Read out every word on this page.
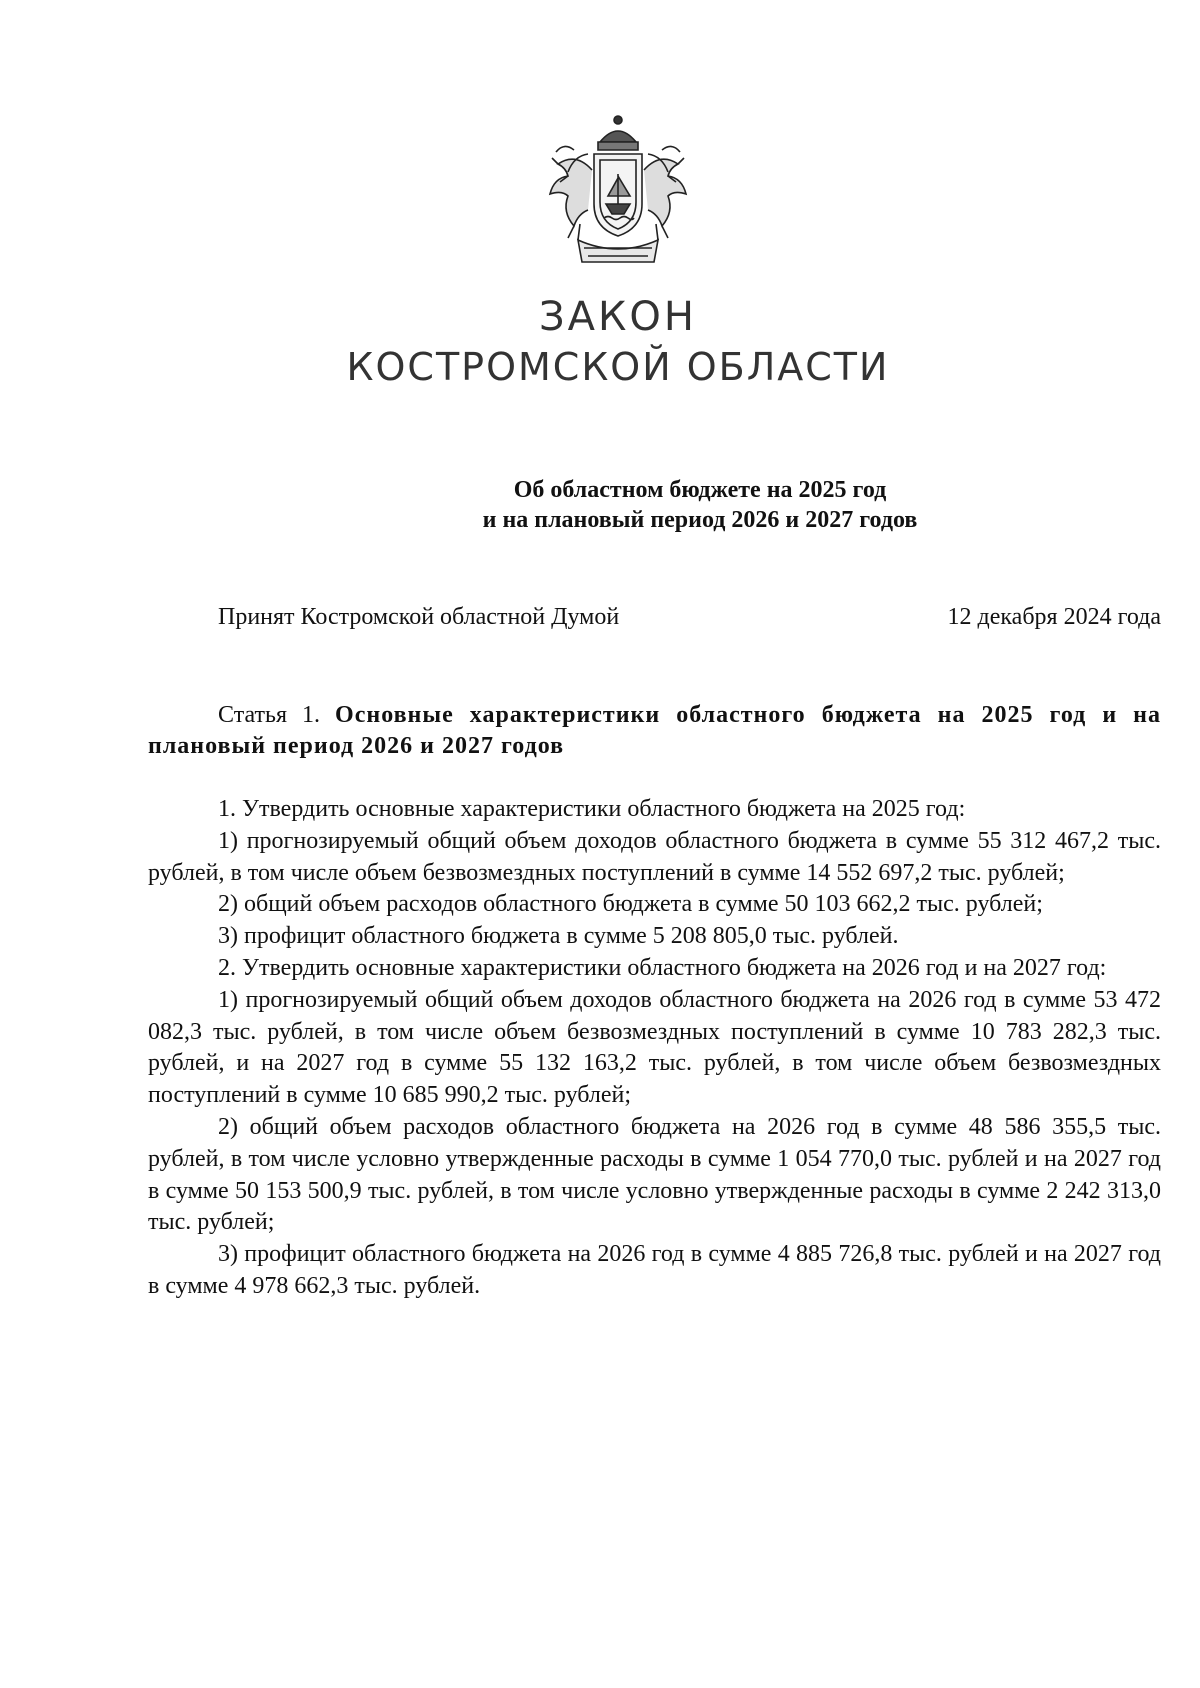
ЗАКОН
КОСТРОМСКОЙ ОБЛАСТИ
Об областном бюджете на 2025 год
и на плановый период 2026 и 2027 годов
Принят Костромской областной Думой	12 декабря 2024 года
Статья 1. Основные характеристики областного бюджета на 2025 год и на плановый период 2026 и 2027 годов

1. Утвердить основные характеристики областного бюджета на 2025 год:

1) прогнозируемый общий объем доходов областного бюджета в сумме 55 312 467,2 тыс. рублей, в том числе объем безвозмездных поступлений в сумме 14 552 697,2 тыс. рублей;

2) общий объем расходов областного бюджета в сумме 50 103 662,2 тыс. рублей;

3) профицит областного бюджета в сумме 5 208 805,0 тыс. рублей.

2. Утвердить основные характеристики областного бюджета на 2026 год и на 2027 год:

1) прогнозируемый общий объем доходов областного бюджета на 2026 год в сумме 53 472 082,3 тыс. рублей, в том числе объем безвозмездных поступлений в сумме 10 783 282,3 тыс. рублей, и на 2027 год в сумме 55 132 163,2 тыс. рублей, в том числе объем безвозмездных поступлений в сумме 10 685 990,2 тыс. рублей;

2) общий объем расходов областного бюджета на 2026 год в сумме 48 586 355,5 тыс. рублей, в том числе условно утвержденные расходы в сумме 1 054 770,0 тыс. рублей и на 2027 год в сумме 50 153 500,9 тыс. рублей, в том числе условно утвержденные расходы в сумме 2 242 313,0 тыс. рублей;

3) профицит областного бюджета на 2026 год в сумме 4 885 726,8 тыс. рублей и на 2027 год в сумме 4 978 662,3 тыс. рублей.
